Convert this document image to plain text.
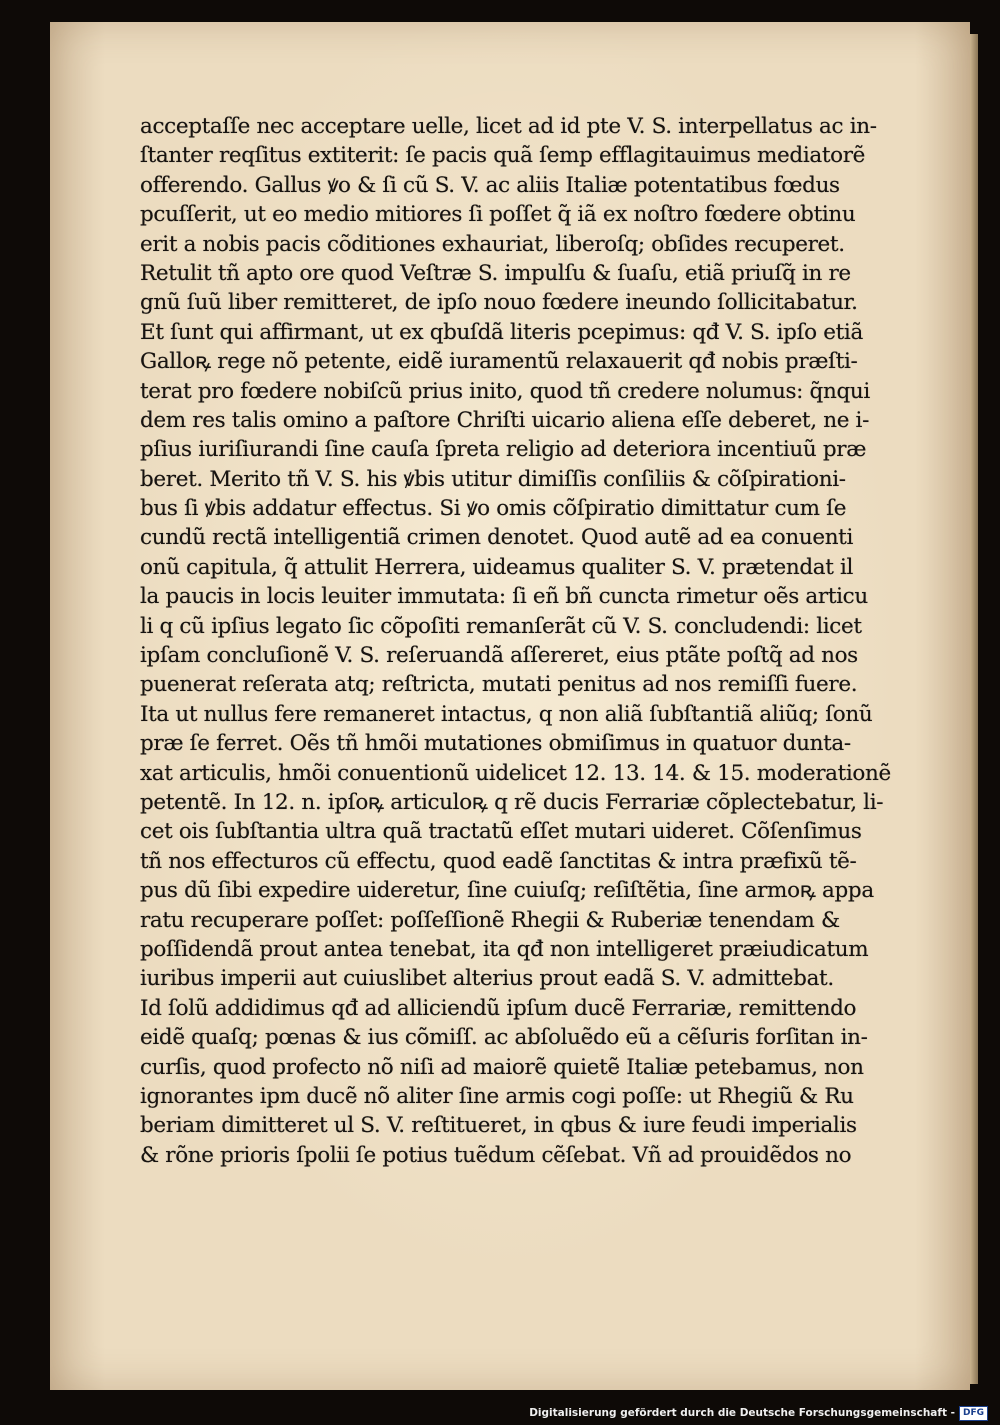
acceptaſſe nec acceptare uelle, licet ad id pte V. S. interpellatus ac in-
ſtanter reqſitus extiterit: ſe pacis quã ſemp efflagitauimus mediatorẽ
offerendo. Gallus ꝟo & ſi cũ S. V. ac aliis Italiæ potentatibus fœdus
pcuſſerit, ut eo medio mitiores ſi poſſet q̃ iã ex noſtro fœdere obtinu
erit a nobis pacis cõditiones exhauriat, liberoſq; obſides recuperet.
Retulit tñ apto ore quod Veſtræ S. impulſu & ſuaſu, etiã priuſq̃ in re
gnũ ſuũ liber remitteret, de ipſo nouo fœdere ineundo ſollicitabatur.
Et ſunt qui affirmant, ut ex qbuſdã literis pcepimus: qđ V. S. ipſo etiã
Galloꝶ rege nõ petente, eidẽ iuramentũ relaxauerit qđ nobis præſti-
terat pro fœdere nobiſcũ prius inito, quod tñ credere nolumus: q̃nqui
dem res talis omino a paſtore Chriſti uicario aliena eſſe deberet, ne i-
pſius iuriſiurandi ſine cauſa ſpreta religio ad deteriora incentiuũ præ
beret. Merito tñ V. S. his ꝟbis utitur dimiſſis conſiliis & cõſpirationi-
bus ſi ꝟbis addatur effectus. Si ꝟo omis cõſpiratio dimittatur cum ſe
cundũ rectã intelligentiã crimen denotet. Quod autẽ ad ea conuenti
onũ capitula, q̃ attulit Herrera, uideamus qualiter S. V. prætendat il
la paucis in locis leuiter immutata: ſi eñ bñ cuncta rimetur oẽs articu
li q cũ ipſius legato ſic cõpoſiti remanſerãt cũ V. S. concludendi: licet
ipſam concluſionẽ V. S. reſeruandã aſſereret, eius ptãte poſtq̃ ad nos
puenerat reſerata atq; reſtricta, mutati penitus ad nos remiſſi fuere.
Ita ut nullus fere remaneret intactus, q non aliã ſubſtantiã aliũq; ſonũ
præ ſe ferret. Oẽs tñ hmõi mutationes obmiſimus in quatuor dunta-
xat articulis, hmõi conuentionũ uidelicet 12. 13. 14. & 15. moderationẽ
petentẽ. In 12. n. ipſoꝶ articuloꝶ q rẽ ducis Ferrariæ cõplectebatur, li-
cet ois ſubſtantia ultra quã tractatũ eſſet mutari uideret. Cõſenſimus
tñ nos effecturos cũ effectu, quod eadẽ ſanctitas & intra præfixũ tẽ-
pus dũ ſibi expedire uideretur, ſine cuiuſq; reſiſtẽtia, ſine armoꝶ appa
ratu recuperare poſſet: poſſeſſionẽ Rhegii & Ruberiæ tenendam &
poſſidendã prout antea tenebat, ita qđ non intelligeret præiudicatum
iuribus imperii aut cuiuslibet alterius prout eadã S. V. admittebat.
Id ſolũ addidimus qđ ad alliciendũ ipſum ducẽ Ferrariæ, remittendo
eidẽ quaſq; pœnas & ius cõmiſſ. ac abſoluẽdo eũ a cẽſuris forſitan in-
curſis, quod profecto nõ niſi ad maiorẽ quietẽ Italiæ petebamus, non
ignorantes ipm ducẽ nõ aliter ſine armis cogi poſſe: ut Rhegiũ & Ru
beriam dimitteret ul S. V. reſtitueret, in qbus & iure feudi imperialis
& rõne prioris ſpolii ſe potius tuẽdum cẽſebat. Vñ ad prouidẽdos no
Digitalisierung gefördert durch die Deutsche Forschungsgemeinschaft - DFG
